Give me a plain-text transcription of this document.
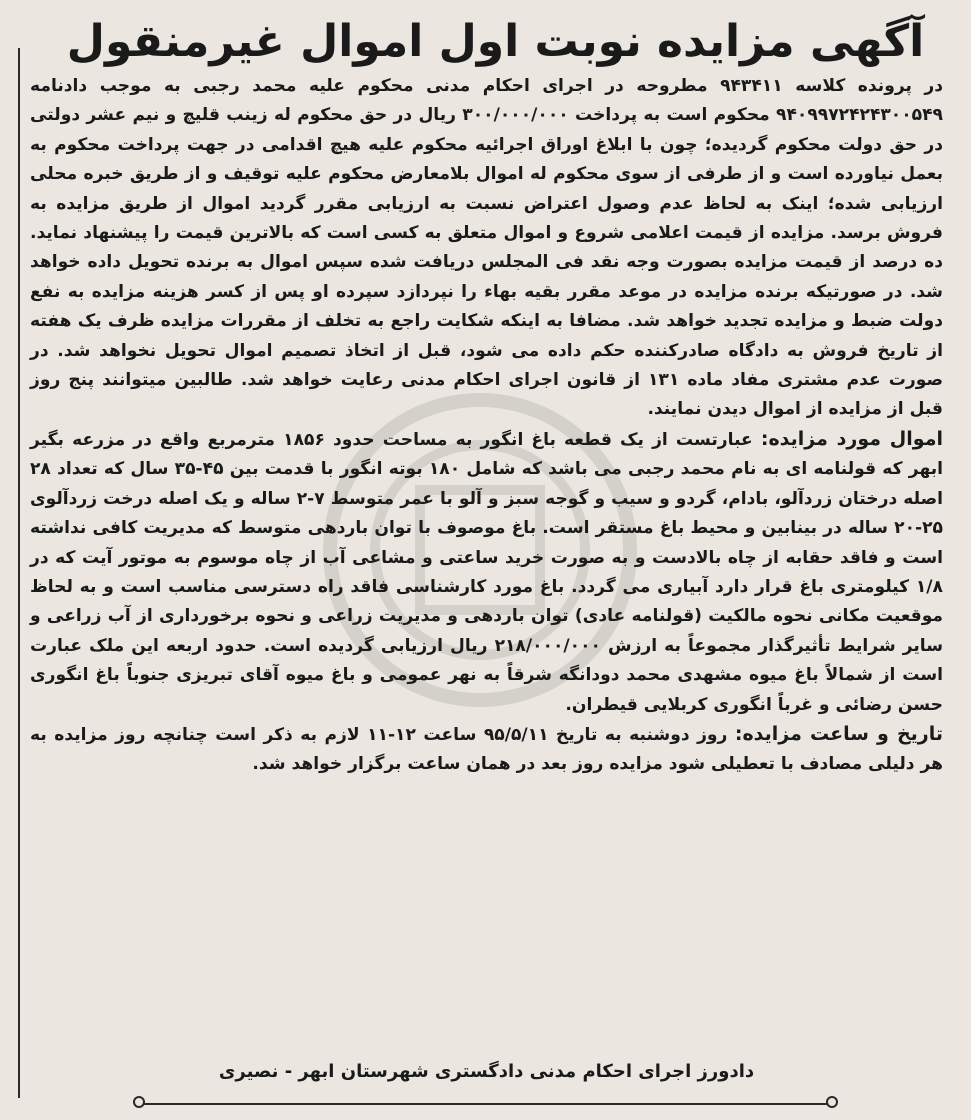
آگهی مزایده نوبت اول اموال غیرمنقول

در پرونده کلاسه ۹۴۳۴۱۱ مطروحه در اجرای احکام مدنی محکوم علیه محمد رجبی به موجب دادنامه ۹۴۰۹۹۷۲۴۲۴۳۰۰۵۴۹ محکوم است به پرداخت ۳۰۰/۰۰۰/۰۰۰ ریال در حق محکوم له زینب قلیچ و نیم عشر دولتی در حق دولت محکوم گردیده؛ چون با ابلاغ اوراق اجرائیه محکوم علیه هیچ اقدامی در جهت پرداخت محکوم به بعمل نیاورده است و از طرفی از سوی محکوم له اموال بلامعارض محکوم علیه توقیف و از طریق خبره محلی ارزیابی شده؛ اینک به لحاظ عدم وصول اعتراض نسبت به ارزیابی مقرر گردید اموال از طریق مزایده به فروش برسد. مزایده از قیمت اعلامی شروع و اموال متعلق به کسی است که بالاترین قیمت را پیشنهاد نماید. ده درصد از قیمت مزایده بصورت وجه نقد فی المجلس دریافت شده سپس اموال به برنده تحویل داده خواهد شد. در صورتیکه برنده مزایده در موعد مقرر بقیه بهاء را نپردازد سپرده او پس از کسر هزینه مزایده به نفع دولت ضبط و مزایده تجدید خواهد شد. مضافا به اینکه شکایت راجع به تخلف از مقررات مزایده ظرف یک هفته از تاریخ فروش به دادگاه صادرکننده حکم داده می شود، قبل از اتخاذ تصمیم اموال تحویل نخواهد شد. در صورت عدم مشتری مفاد ماده ۱۳۱ از قانون اجرای احکام مدنی رعایت خواهد شد. طالبین میتوانند پنج روز قبل از مزایده از اموال دیدن نمایند.

اموال مورد مزایده: عبارتست از یک قطعه باغ انگور به مساحت حدود ۱۸۵۶ مترمربع واقع در مزرعه بگیر ابهر که قولنامه ای به نام محمد رجبی می باشد که شامل ۱۸۰ بوته انگور با قدمت بین ۴۵-۳۵ سال که تعداد ۲۸ اصله درختان زردآلو، بادام، گردو و سیب و گوجه سبز و آلو با عمر متوسط ۷-۲ ساله و یک اصله درخت زردآلوی ۲۵-۲۰ ساله در بینابین و محیط باغ مستقر است. باغ موصوف با توان باردهی متوسط که مدیریت کافی نداشته است و فاقد حقابه از چاه بالادست و به صورت خرید ساعتی و مشاعی آب از چاه موسوم به موتور آیت که در ۱/۸ کیلومتری باغ قرار دارد آبیاری می گردد. باغ مورد کارشناسی فاقد راه دسترسی مناسب است و به لحاظ موقعیت مکانی نحوه مالکیت (قولنامه عادی) توان باردهی و مدیریت زراعی و نحوه برخورداری از آب زراعی و سایر شرایط تأثیرگذار مجموعاً به ارزش ۲۱۸/۰۰۰/۰۰۰ ریال ارزیابی گردیده است. حدود اربعه این ملک عبارت است از شمالاً باغ میوه مشهدی محمد دودانگه شرقاً به نهر عمومی و باغ میوه آقای تبریزی جنوباً باغ انگوری حسن رضائی و غرباً انگوری کربلایی قیطران.

تاریخ و ساعت مزایده: روز دوشنبه به تاریخ ۹۵/۵/۱۱ ساعت ۱۲-۱۱ لازم به ذکر است چنانچه روز مزایده به هر دلیلی مصادف با تعطیلی شود مزایده روز بعد در همان ساعت برگزار خواهد شد.

دادورز اجرای احکام مدنی دادگستری شهرستان ابهر - نصیری
